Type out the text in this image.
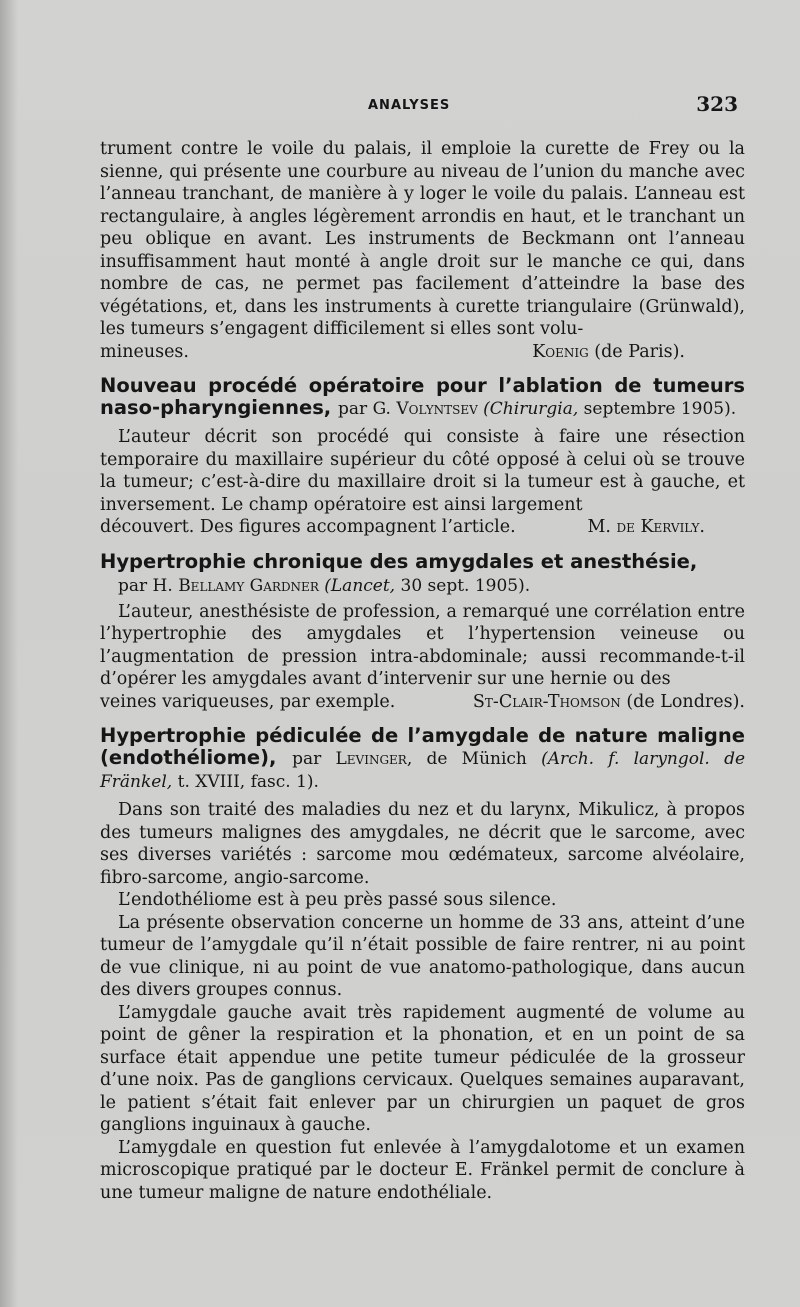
ANALYSES	323

trument contre le voile du palais, il emploie la curette de Frey ou la sienne, qui présente une courbure au niveau de l’union du manche avec l’anneau tranchant, de manière à y loger le voile du palais. L’anneau est rectangulaire, à angles légèrement arrondis en haut, et le tranchant un peu oblique en avant. Les instruments de Beckmann ont l’anneau insuffisamment haut monté à angle droit sur le manche ce qui, dans nombre de cas, ne permet pas facilement d’atteindre la base des végétations, et, dans les instruments à curette triangulaire (Grünwald), les tumeurs s’engagent difficilement si elles sont volu-

mineuses.	Koenig (de Paris).
Nouveau procédé opératoire pour l’ablation de tumeurs naso-pharyngiennes, par G. Volyntsev (Chirurgia, septembre 1905).

L’auteur décrit son procédé qui consiste à faire une résection temporaire du maxillaire supérieur du côté opposé à celui où se trouve la tumeur; c’est-à-dire du maxillaire droit si la tumeur est à gauche, et inversement. Le champ opératoire est ainsi largement

découvert. Des figures accompagnent l’article.	M. de Kervily.
Hypertrophie chronique des amygdales et anesthésie,
par H. Bellamy Gardner (Lancet, 30 sept. 1905).

L’auteur, anesthésiste de profession, a remarqué une corrélation entre l’hypertrophie des amygdales et l’hypertension veineuse ou l’augmentation de pression intra-abdominale; aussi recommande-t-il d’opérer les amygdales avant d’intervenir sur une hernie ou des

veines variqueuses, par exemple.	St-Clair-Thomson (de Londres).
Hypertrophie pédiculée de l’amygdale de nature maligne (endothéliome), par Levinger, de Münich (Arch. f. laryngol. de Fränkel, t. XVIII, fasc. 1).

Dans son traité des maladies du nez et du larynx, Mikulicz, à propos des tumeurs malignes des amygdales, ne décrit que le sarcome, avec ses diverses variétés : sarcome mou œdémateux, sarcome alvéolaire, fibro-sarcome, angio-sarcome.

L’endothéliome est à peu près passé sous silence.

La présente observation concerne un homme de 33 ans, atteint d’une tumeur de l’amygdale qu’il n’était possible de faire rentrer, ni au point de vue clinique, ni au point de vue anatomo-pathologique, dans aucun des divers groupes connus.

L’amygdale gauche avait très rapidement augmenté de volume au point de gêner la respiration et la phonation, et en un point de sa surface était appendue une petite tumeur pédiculée de la grosseur d’une noix. Pas de ganglions cervicaux. Quelques semaines auparavant, le patient s’était fait enlever par un chirurgien un paquet de gros ganglions inguinaux à gauche.

L’amygdale en question fut enlevée à l’amygdalotome et un examen microscopique pratiqué par le docteur E. Fränkel permit de conclure à une tumeur maligne de nature endothéliale.
